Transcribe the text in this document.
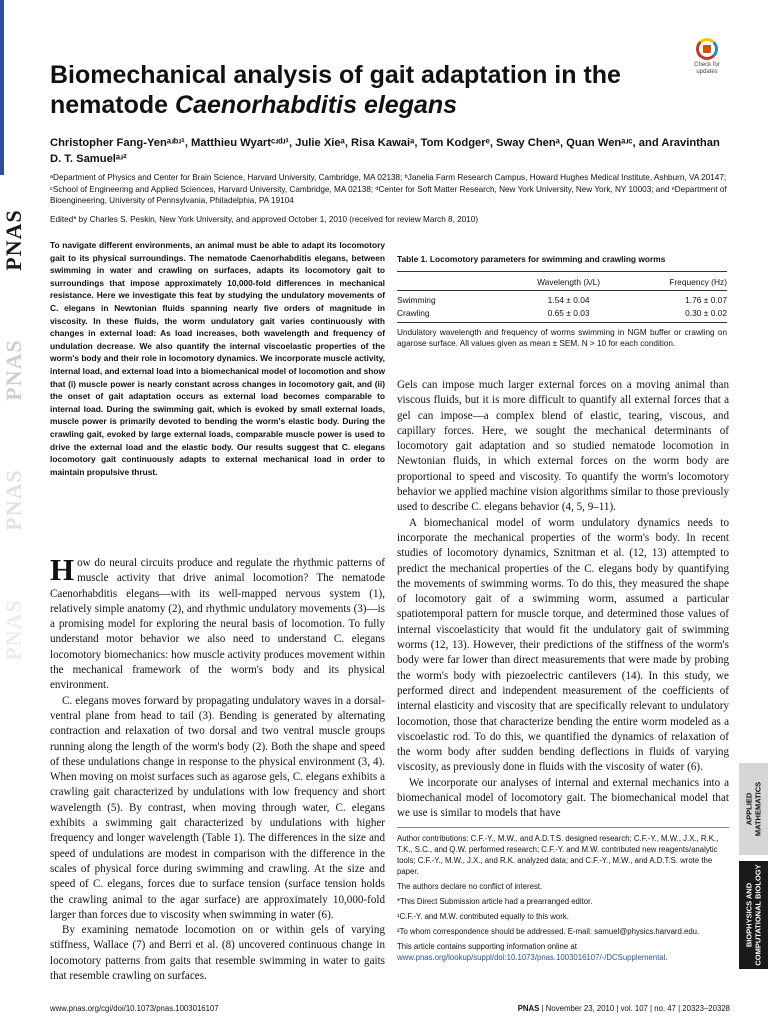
PNAS
PNAS
PNAS
PNAS
Check for updates
Biomechanical analysis of gait adaptation in the nematode Caenorhabditis elegans
Christopher Fang-Yenᵃʴᵇʴ¹, Matthieu Wyartᶜʴᵈʴ¹, Julie Xieᵃ, Risa Kawaiᵃ, Tom Kodgerᵉ, Sway Chenᵃ, Quan Wenᵃʴᶜ, and Aravinthan D. T. Samuelᵃʴ²
ᵃDepartment of Physics and Center for Brain Science, Harvard University, Cambridge, MA 02138; ᵇJanelia Farm Research Campus, Howard Hughes Medical Institute, Ashburn, VA 20147; ᶜSchool of Engineering and Applied Sciences, Harvard University, Cambridge, MA 02138; ᵈCenter for Soft Matter Research, New York University, New York, NY 10003; and ᵉDepartment of Bioengineering, University of Pennsylvania, Philadelphia, PA 19104
Edited* by Charles S. Peskin, New York University, and approved October 1, 2010 (received for review March 8, 2010)
To navigate different environments, an animal must be able to adapt its locomotory gait to its physical surroundings. The nematode Caenorhabditis elegans, between swimming in water and crawling on surfaces, adapts its locomotory gait to surroundings that impose approximately 10,000-fold differences in mechanical resistance. Here we investigate this feat by studying the undulatory movements of C. elegans in Newtonian fluids spanning nearly five orders of magnitude in viscosity. In these fluids, the worm undulatory gait varies continuously with changes in external load: As load increases, both wavelength and frequency of undulation decrease. We also quantify the internal viscoelastic properties of the worm's body and their role in locomotory dynamics. We incorporate muscle activity, internal load, and external load into a biomechanical model of locomotion and show that (i) muscle power is nearly constant across changes in locomotory gait, and (ii) the onset of gait adaptation occurs as external load becomes comparable to internal load. During the swimming gait, which is evoked by small external loads, muscle power is primarily devoted to bending the worm's elastic body. During the crawling gait, evoked by large external loads, comparable muscle power is used to drive the external load and the elastic body. Our results suggest that C. elegans locomotory gait continuously adapts to external mechanical load in order to maintain propulsive thrust.

How do neural circuits produce and regulate the rhythmic patterns of muscle activity that drive animal locomotion? The nematode Caenorhabditis elegans—with its well-mapped nervous system (1), relatively simple anatomy (2), and rhythmic undulatory movements (3)—is a promising model for exploring the neural basis of locomotion. To fully understand motor behavior we also need to understand C. elegans locomotory biomechanics: how muscle activity produces movement within the mechanical framework of the worm's body and its physical environment.

C. elegans moves forward by propagating undulatory waves in a dorsal-ventral plane from head to tail (3). Bending is generated by alternating contraction and relaxation of two dorsal and two ventral muscle groups running along the length of the worm's body (2). Both the shape and speed of these undulations change in response to the physical environment (3, 4). When moving on moist surfaces such as agarose gels, C. elegans exhibits a crawling gait characterized by undulations with low frequency and short wavelength (5). By contrast, when moving through water, C. elegans exhibits a swimming gait characterized by undulations with higher frequency and longer wavelength (Table 1). The differences in the size and speed of undulations are modest in comparison with the difference in the scales of physical force during swimming and crawling. At the size and speed of C. elegans, forces due to surface tension (surface tension holds the crawling animal to the agar surface) are approximately 10,000-fold larger than forces due to viscosity when swimming in water (6).

By examining nematode locomotion on or within gels of varying stiffness, Wallace (7) and Berri et al. (8) uncovered continuous change in locomotory patterns from gaits that resemble swimming in water to gaits that resemble crawling on surfaces.

Table 1. Locomotory parameters for swimming and crawling worms
	Wavelength (λ/L)	Frequency (Hz)
Swimming	1.54 ± 0.04	1.76 ± 0.07
Crawling	0.65 ± 0.03	0.30 ± 0.02
Undulatory wavelength and frequency of worms swimming in NGM buffer or crawling on agarose surface. All values given as mean ± SEM. N > 10 for each condition.

Gels can impose much larger external forces on a moving animal than viscous fluids, but it is more difficult to quantify all external forces that a gel can impose—a complex blend of elastic, tearing, viscous, and capillary forces. Here, we sought the mechanical determinants of locomotory gait adaptation and so studied nematode locomotion in Newtonian fluids, in which external forces on the worm body are proportional to speed and viscosity. To quantify the worm's locomotory behavior we applied machine vision algorithms similar to those previously used to describe C. elegans behavior (4, 5, 9–11).

A biomechanical model of worm undulatory dynamics needs to incorporate the mechanical properties of the worm's body. In recent studies of locomotory dynamics, Sznitman et al. (12, 13) attempted to predict the mechanical properties of the C. elegans body by quantifying the movements of swimming worms. To do this, they measured the shape of locomotory gait of a swimming worm, assumed a particular spatiotemporal pattern for muscle torque, and determined those values of internal viscoelasticity that would fit the undulatory gait of swimming worms (12, 13). However, their predictions of the stiffness of the worm's body were far lower than direct measurements that were made by probing the worm's body with piezoelectric cantilevers (14). In this study, we performed direct and independent measurement of the coefficients of internal elasticity and viscosity that are specifically relevant to undulatory locomotion, those that characterize bending the entire worm modeled as a viscoelastic rod. To do this, we quantified the dynamics of relaxation of the worm body after sudden bending deflections in fluids of varying viscosity, as previously done in fluids with the viscosity of water (6).

We incorporate our analyses of internal and external mechanics into a biomechanical model of locomotory gait. The biomechanical model that we use is similar to models that have

Author contributions: C.F.-Y., M.W., and A.D.T.S. designed research; C.F.-Y., M.W., J.X., R.K., T.K., S.C., and Q.W. performed research; C.F.-Y. and M.W. contributed new reagents/analytic tools; C.F.-Y., M.W., J.X., and R.K. analyzed data; and C.F.-Y., M.W., and A.D.T.S. wrote the paper.

The authors declare no conflict of interest.

*This Direct Submission article had a prearranged editor.

¹C.F.-Y. and M.W. contributed equally to this work.

²To whom correspondence should be addressed. E-mail: samuel@physics.harvard.edu.

This article contains supporting information online at www.pnas.org/lookup/suppl/doi:10.1073/pnas.1003016107/-/DCSupplemental.

APPLIED
MATHEMATICS
BIOPHYSICS AND
COMPUTATIONAL BIOLOGY
www.pnas.org/cgi/doi/10.1073/pnas.1003016107	PNAS | November 23, 2010 | vol. 107 | no. 47 | 20323–20328
